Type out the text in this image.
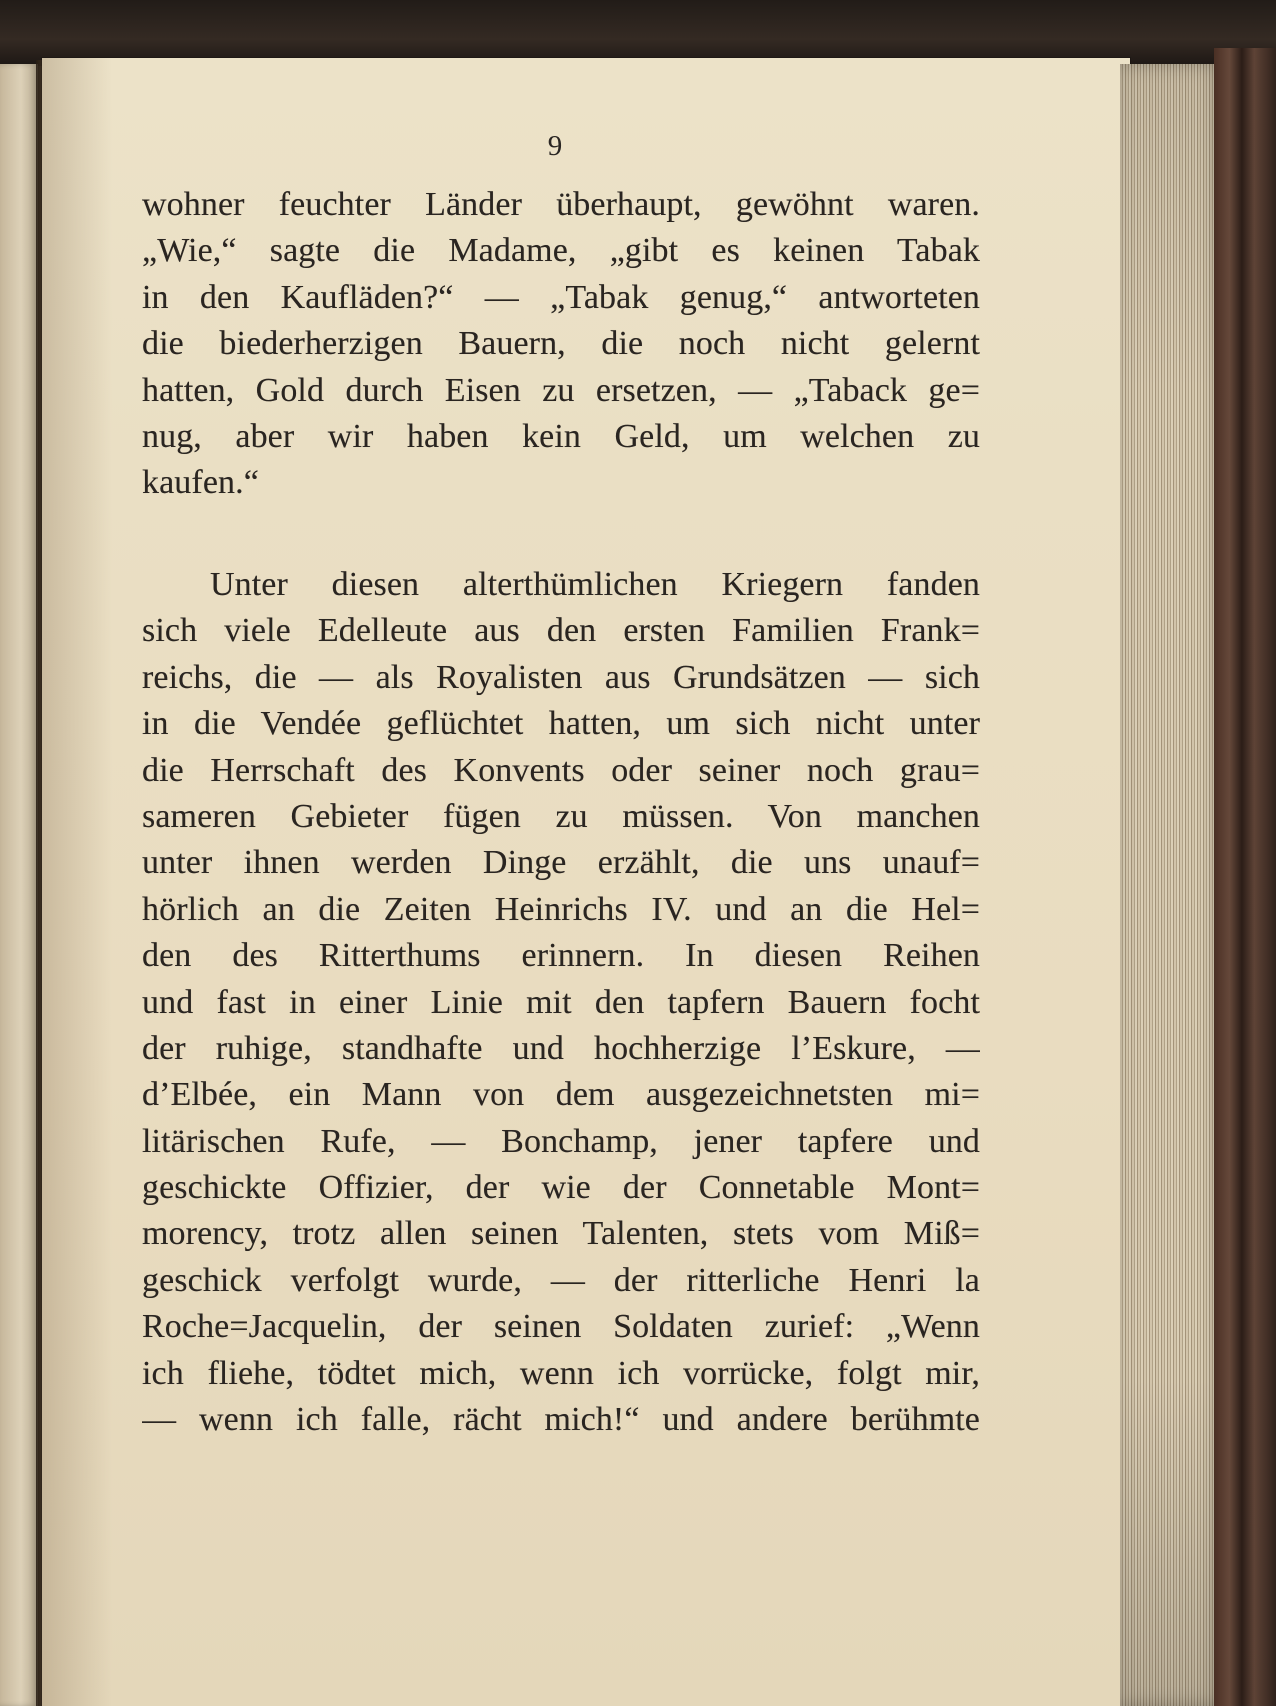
9
wohner feuchter Länder überhaupt, gewöhnt waren.
„Wie,“ sagte die Madame, „gibt es keinen Tabak
in den Kaufläden?“ — „Tabak genug,“ antworteten
die biederherzigen Bauern, die noch nicht gelernt
hatten, Gold durch Eisen zu ersetzen, — „Taback ge=
nug, aber wir haben kein Geld, um welchen zu
kaufen.“
Unter diesen alterthümlichen Kriegern fanden
sich viele Edelleute aus den ersten Familien Frank=
reichs, die — als Royalisten aus Grundsätzen — sich
in die Vendée geflüchtet hatten, um sich nicht unter
die Herrschaft des Konvents oder seiner noch grau=
sameren Gebieter fügen zu müssen. Von manchen
unter ihnen werden Dinge erzählt, die uns unauf=
hörlich an die Zeiten Heinrichs IV. und an die Hel=
den des Ritterthums erinnern. In diesen Reihen
und fast in einer Linie mit den tapfern Bauern focht
der ruhige, standhafte und hochherzige l’Eskure, —
d’Elbée, ein Mann von dem ausgezeichnetsten mi=
litärischen Rufe, — Bonchamp, jener tapfere und
geschickte Offizier, der wie der Connetable Mont=
morency, trotz allen seinen Talenten, stets vom Miß=
geschick verfolgt wurde, — der ritterliche Henri la
Roche=Jacquelin, der seinen Soldaten zurief: „Wenn
ich fliehe, tödtet mich, wenn ich vorrücke, folgt mir,
— wenn ich falle, rächt mich!“ und andere berühmte
